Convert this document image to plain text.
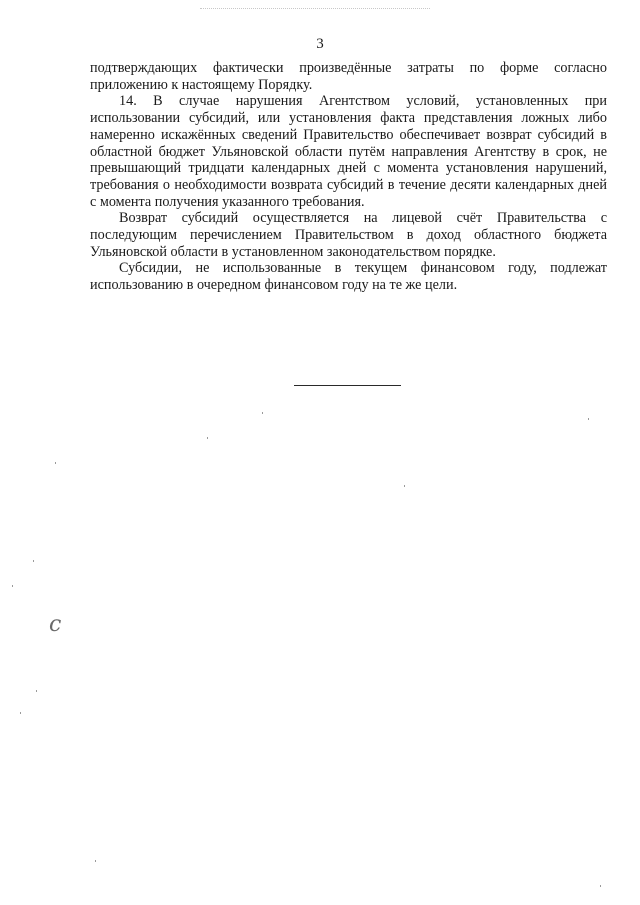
3

подтверждающих фактически произведённые затраты по форме согласно приложению к настоящему Порядку.

14. В случае нарушения Агентством условий, установленных при использовании субсидий, или установления факта представления ложных либо намеренно искажённых сведений Правительство обеспечивает возврат субсидий в областной бюджет Ульяновской области путём направления Агентству в срок, не превышающий тридцати календарных дней с момента установления нарушений, требования о необходимости возврата субсидий в течение десяти календарных дней с момента получения указанного требования.

Возврат субсидий осуществляется на лицевой счёт Правительства с последующим перечислением Правительством в доход областного бюджета Ульяновской области в установленном законодательством порядке.

Субсидии, не использованные в текущем финансовом году, подлежат использованию в очередном финансовом году на те же цели.

c
